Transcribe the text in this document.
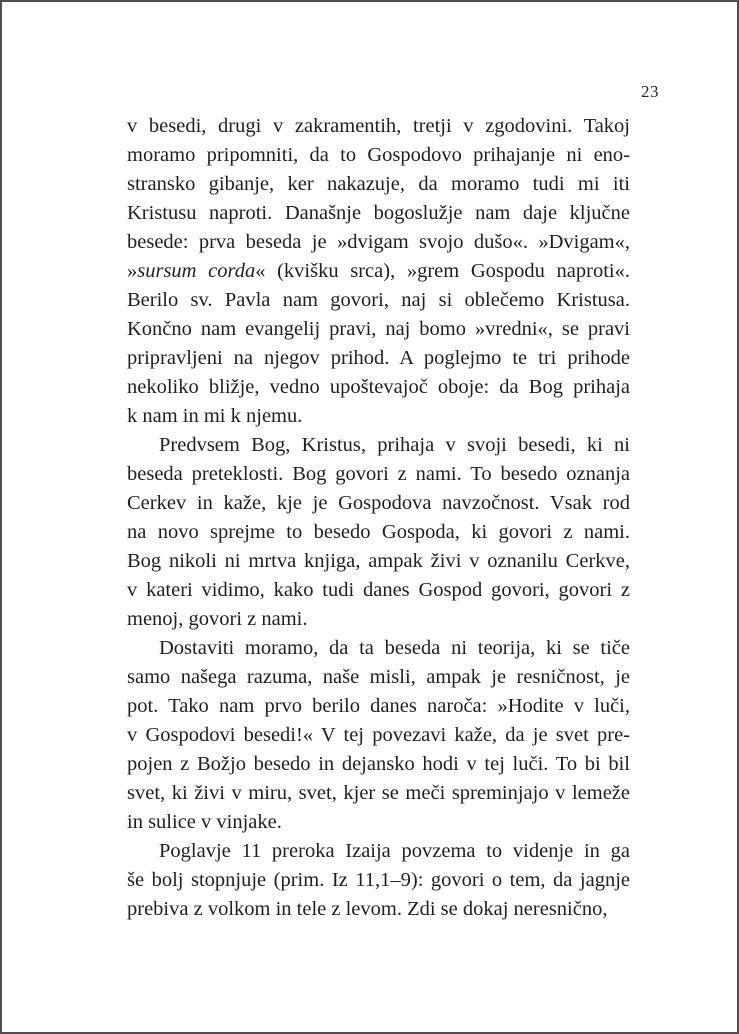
23
v besedi, drugi v zakramentih, tretji v zgodovini. Takoj
moramo pripomniti, da to Gospodovo prihajanje ni eno-
stransko gibanje, ker nakazuje, da moramo tudi mi iti
Kristusu naproti. Današnje bogoslužje nam daje ključne
besede: prva beseda je »dvigam svojo dušo«. »Dvigam«,
»sursum corda« (kvišku srca), »grem Gospodu naproti«.
Berilo sv. Pavla nam govori, naj si oblečemo Kristusa.
Končno nam evangelij pravi, naj bomo »vredni«, se pravi
pripravljeni na njegov prihod. A poglejmo te tri prihode
nekoliko bližje, vedno upoštevajoč oboje: da Bog prihaja
k nam in mi k njemu.
Predvsem Bog, Kristus, prihaja v svoji besedi, ki ni
beseda preteklosti. Bog govori z nami. To besedo oznanja
Cerkev in kaže, kje je Gospodova navzočnost. Vsak rod
na novo sprejme to besedo Gospoda, ki govori z nami.
Bog nikoli ni mrtva knjiga, ampak živi v oznanilu Cerkve,
v kateri vidimo, kako tudi danes Gospod govori, govori z
menoj, govori z nami.
Dostaviti moramo, da ta beseda ni teorija, ki se tiče
samo našega razuma, naše misli, ampak je resničnost, je
pot. Tako nam prvo berilo danes naroča: »Hodite v luči,
v Gospodovi besedi!« V tej povezavi kaže, da je svet pre-
pojen z Božjo besedo in dejansko hodi v tej luči. To bi bil
svet, ki živi v miru, svet, kjer se meči spreminjajo v lemeže
in sulice v vinjake.
Poglavje 11 preroka Izaija povzema to videnje in ga
še bolj stopnjuje (prim. Iz 11,1–9): govori o tem, da jagnje
prebiva z volkom in tele z levom. Zdi se dokaj neresnično,
